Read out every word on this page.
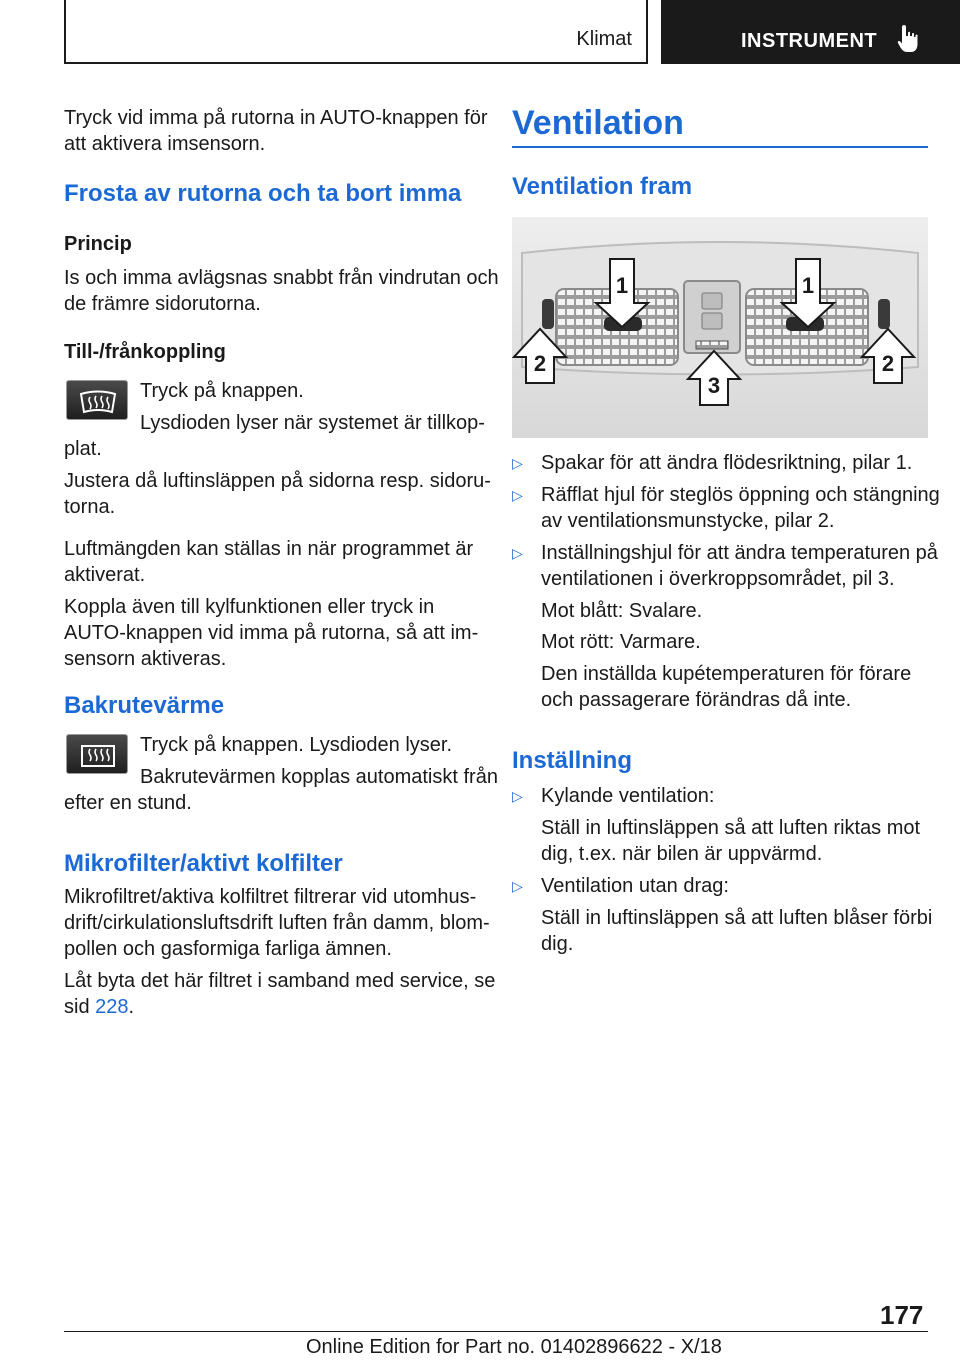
Klimat	INSTRUMENT

Tryck vid imma på rutorna in AUTO-knappen för

att aktivera imsensorn.

Frosta av rutorna och ta bort imma
Princip

Is och imma avlägsnas snabbt från vindrutan och

de främre sidorutorna.

Till-/frånkoppling

Tryck på knappen.

Lysdioden lyser när systemet är tillkop-

plat.

Justera då luftinsläppen på sidorna resp. sidoru-

torna.

Luftmängden kan ställas in när programmet är

aktiverat.

Koppla även till kylfunktionen eller tryck in

AUTO-knappen vid imma på rutorna, så att im-

sensorn aktiveras.

Bakrutevärme

Tryck på knappen. Lysdioden lyser.

Bakrutevärmen kopplas automatiskt från

efter en stund.

Mikrofilter/aktivt kolfilter

Mikrofiltret/aktiva kolfiltret filtrerar vid utomhus-

drift/cirkulationsluftsdrift luften från damm, blom-

pollen och gasformiga farliga ämnen.

Låt byta det här filtret i samband med service, se

sid 228.

Ventilation
Ventilation fram
1	1
2	2
3
▷ Spakar för att ändra flödesriktning, pilar 1.

▷ Räfflat hjul för steglös öppning och stängning

av ventilationsmunstycke, pilar 2.

▷ Inställningshjul för att ändra temperaturen på

ventilationen i överkroppsområdet, pil 3.

Mot blått: Svalare.

Mot rött: Varmare.

Den inställda kupétemperaturen för förare

och passagerare förändras då inte.

Inställning
▷ Kylande ventilation:

Ställ in luftinsläppen så att luften riktas mot

dig, t.ex. när bilen är uppvärmd.

▷ Ventilation utan drag:

Ställ in luftinsläppen så att luften blåser förbi

dig.

177
Online Edition for Part no. 01402896622 - X/18
